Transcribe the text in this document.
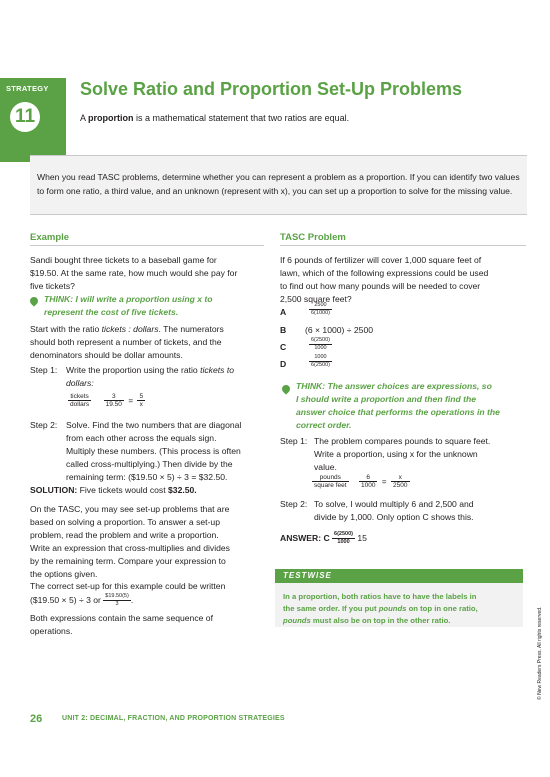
STRATEGY
11
Solve Ratio and Proportion Set-Up Problems
A proportion is a mathematical statement that two ratios are equal.
When you read TASC problems, determine whether you can represent a problem as a proportion. If you can identify two values to form one ratio, a third value, and an unknown (represent with x), you can set up a proportion to solve for the missing value.
Example
Sandi bought three tickets to a baseball game for
$19.50. At the same rate, how much would she pay for
five tickets?
THINK: I will write a proportion using x to
represent the cost of five tickets.
Start with the ratio tickets : dollars. The numerators
should both represent a number of tickets, and the
denominators should be dollar amounts.
Step 1: Write the proportion using the ratio tickets to
dollars:
$\frac{\text{tickets}}{\text{dollars}}$
$\frac{3}{19.50} = \frac{5}{x}$
Step 2: Solve. Find the two numbers that are diagonal
from each other across the equals sign.
Multiply these numbers. (This process is often
called cross-multiplying.) Then divide by the
remaining term: ($19.50 × 5) ÷ 3 = $32.50.
SOLUTION: Five tickets would cost $32.50.
On the TASC, you may see set-up problems that are
based on solving a proportion. To answer a set-up
problem, read the problem and write a proportion.
Write an expression that cross-multiplies and divides
by the remaining term. Compare your expression to
the options given.
The correct set-up for this example could be written
($19.50 × 5) ÷ 3 or $\frac{\$19.50(5)}{3}$ .
Both expressions contain the same sequence of
operations.
TASC Problem
If 6 pounds of fertilizer will cover 1,000 square feet of
lawn, which of the following expressions could be used
to find out how many pounds will be needed to cover
2,500 square feet?
A	$\frac{2500}{6(1000)}$
B (6 × 1000) ÷ 2500
C	$\frac{6(2500)}{1000}$
D	$\frac{1000}{6(2500)}$
THINK: The answer choices are expressions, so
I should write a proportion and then find the
answer choice that performs the operations in the
correct order.
Step 1: The problem compares pounds to square feet.
Write a proportion, using x for the unknown
value.
$\frac{\text{pounds}}{\text{square feet}}$
$\frac{6}{1000} = \frac{x}{2500}$
Step 2: To solve, I would multiply 6 and 2,500 and
divide by 1,000. Only option C shows this.
ANSWER: C $\frac{6(2500)}{1000} 15$
TESTWISE
In a proportion, both ratios have to have the labels in
the same order. If you put pounds on top in one ratio,
pounds must also be on top in the other ratio.	© New Readers Press. All rights reserved.
26	UNIT 2: DECIMAL, FRACTION, AND PROPORTION STRATEGIES
